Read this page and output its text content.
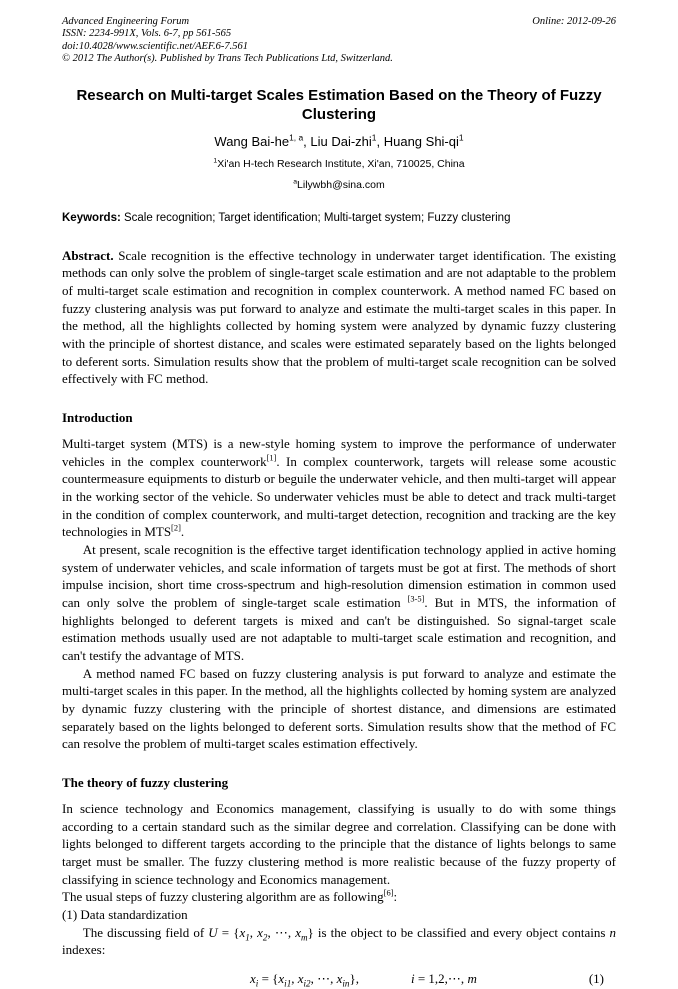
Advanced Engineering Forum
ISSN: 2234-991X, Vols. 6-7, pp 561-565
doi:10.4028/www.scientific.net/AEF.6-7.561
© 2012 The Author(s). Published by Trans Tech Publications Ltd, Switzerland.
Online: 2012-09-26
Research on Multi-target Scales Estimation Based on the Theory of Fuzzy Clustering
Wang Bai-he$^{1, a}$, Liu Dai-zhi$^1$, Huang Shi-$qi^1$
$^1$Xi'an H-tech Research Institute, Xi'an, 710025, China
$^a$Lilywbh@sina.com

Keywords: Scale recognition; Target identification; Multi-target system; Fuzzy clustering

Abstract. Scale recognition is the effective technology in underwater target identification. The existing methods can only solve the problem of single-target scale estimation and are not adaptable to the problem of multi-target scale estimation and recognition in complex counterwork. A method named FC based on fuzzy clustering analysis was put forward to analyze and estimate the multi-target scales in this paper. In the method, all the highlights collected by homing system were analyzed by dynamic fuzzy clustering with the principle of shortest distance, and scales were estimated separately based on the lights belonged to deferent sorts. Simulation results show that the problem of multi-target scale recognition can be solved effectively with FC method.

Introduction

Multi-target system (MTS) is a new-style homing system to improve the performance of underwater vehicles in the complex counterwork[1]. In complex counterwork, targets will release some acoustic countermeasure equipments to disturb or beguile the underwater vehicle, and then multi-target will appear in the working sector of the vehicle. So underwater vehicles must be able to detect and track multi-target in the condition of complex counterwork, and multi-target detection, recognition and tracking are the key technologies in MTS[2].

At present, scale recognition is the effective target identification technology applied in active homing system of underwater vehicles, and scale information of targets must be got at first. The methods of short impulse incision, short time cross-spectrum and high-resolution dimension estimation in common used can only solve the problem of single-target scale estimation [3-5]. But in MTS, the information of highlights belonged to deferent targets is mixed and can't be distinguished. So signal-target scale estimation methods usually used are not adaptable to multi-target scale estimation and recognition, and can't testify the advantage of MTS.

A method named FC based on fuzzy clustering analysis is put forward to analyze and estimate the multi-target scales in this paper. In the method, all the highlights collected by homing system are analyzed by dynamic fuzzy clustering with the principle of shortest distance, and dimensions are estimated separately based on the lights belonged to deferent sorts. Simulation results show that the method of FC can resolve the problem of multi-target scales estimation effectively.

The theory of fuzzy clustering

In science technology and Economics management, classifying is usually to do with some things according to a certain standard such as the similar degree and correlation. Classifying can be done with lights belonged to different targets according to the principle that the distance of lights belongs to same target must be smaller. The fuzzy clustering method is more realistic because of the fuzzy property of classifying in science technology and Economics management.

The usual steps of fuzzy clustering algorithm are as following[6]:

(1) Data standardization

The discussing field of $U = \{x_1$, $x_2$, ⋯, $x_m$} is the object to be classified and every object contains n indexes:

$x_i = \{x_{i1}$, $x_{i2}$, ⋯, $x_{in}$},	i = 1,2,⋯, m	(1)
